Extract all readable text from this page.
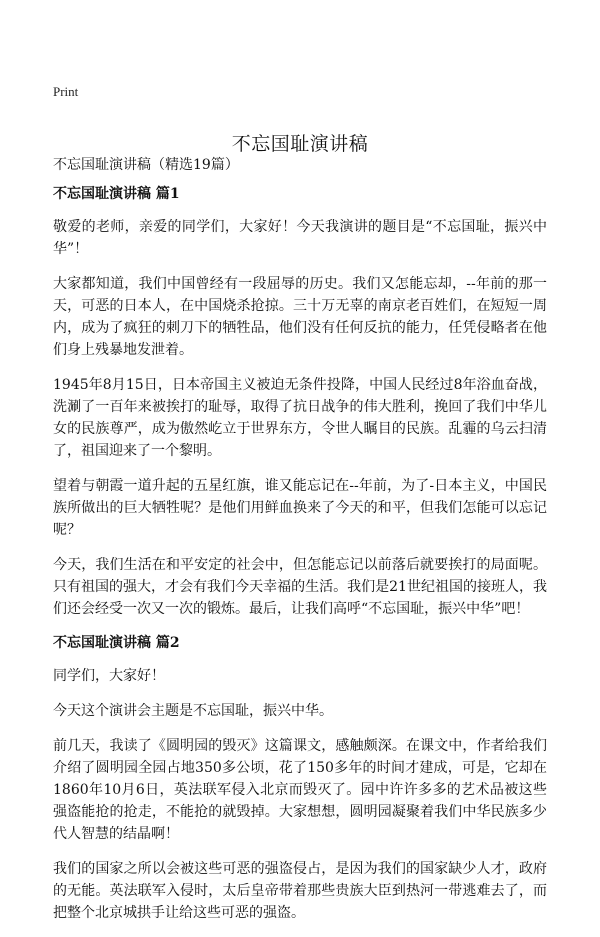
Print
不忘国耻演讲稿
不忘国耻演讲稿（精选19篇）
不忘国耻演讲稿 篇1

敬爱的老师，亲爱的同学们，大家好！今天我演讲的题目是“不忘国耻，振兴中华”！

大家都知道，我们中国曾经有一段屈辱的历史。我们又怎能忘却，--年前的那一天，可恶的日本人，在中国烧杀抢掠。三十万无辜的南京老百姓们，在短短一周内，成为了疯狂的刺刀下的牺牲品，他们没有任何反抗的能力，任凭侵略者在他们身上残暴地发泄着。

1945年8月15日，日本帝国主义被迫无条件投降，中国人民经过8年浴血奋战，洗涮了一百年来被挨打的耻辱，取得了抗日战争的伟大胜利，挽回了我们中华儿女的民族尊严，成为傲然屹立于世界东方，令世人瞩目的民族。乱霾的乌云扫清了，祖国迎来了一个黎明。

望着与朝霞一道升起的五星红旗，谁又能忘记在--年前，为了-日本主义，中国民族所做出的巨大牺牲呢？是他们用鲜血换来了今天的和平，但我们怎能可以忘记呢？

今天，我们生活在和平安定的社会中，但怎能忘记以前落后就要挨打的局面呢。只有祖国的强大，才会有我们今天幸福的生活。我们是21世纪祖国的接班人，我们还会经受一次又一次的锻炼。最后，让我们高呼“不忘国耻，振兴中华”吧！

不忘国耻演讲稿 篇2

同学们，大家好！

今天这个演讲会主题是不忘国耻，振兴中华。

前几天，我读了《圆明园的毁灭》这篇课文，感触颇深。在课文中，作者给我们介绍了圆明园全园占地350多公顷，花了150多年的时间才建成，可是，它却在1860年10月6日，英法联军侵入北京而毁灭了。园中许许多多的艺术品被这些强盗能抢的抢走，不能抢的就毁掉。大家想想，圆明园凝聚着我们中华民族多少代人智慧的结晶啊！

我们的国家之所以会被这些可恶的强盗侵占，是因为我们的国家缺少人才，政府的无能。英法联军入侵时，太后皇帝带着那些贵族大臣到热河一带逃难去了，而把整个北京城拱手让给这些可恶的强盗。
